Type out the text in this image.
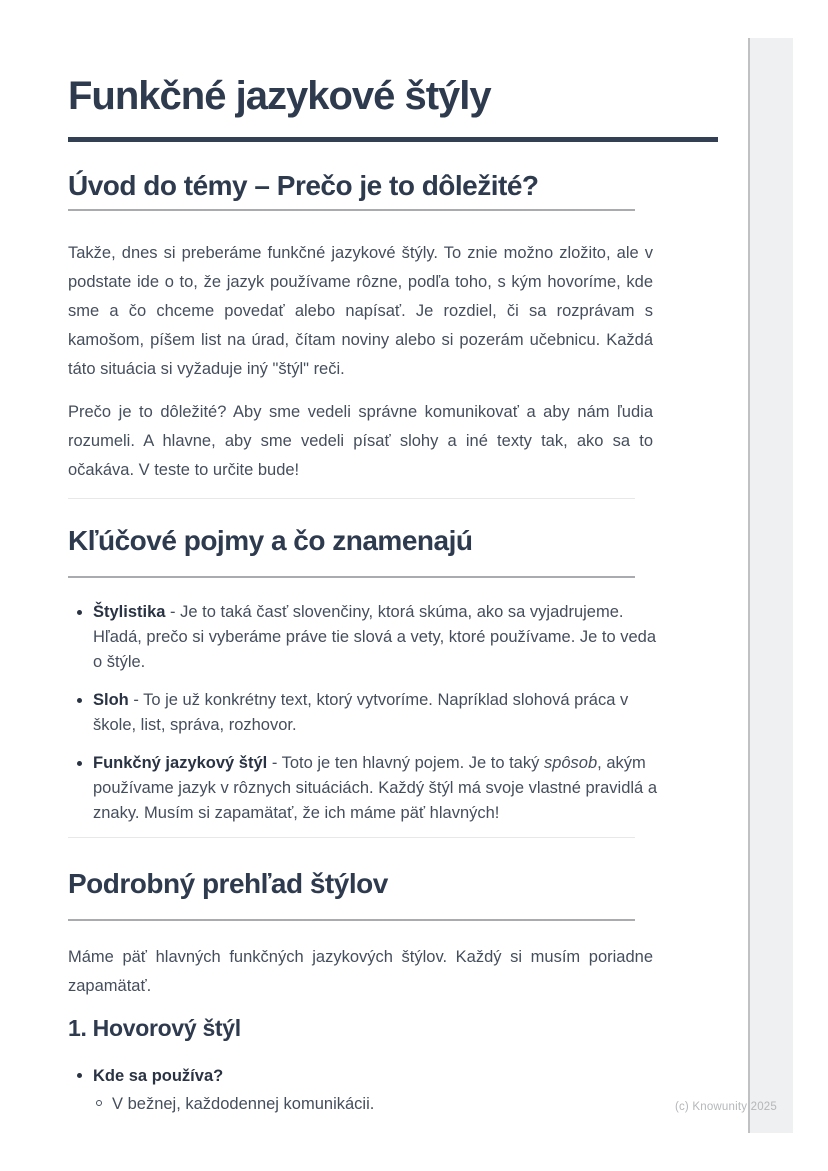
Funkčné jazykové štýly
Úvod do témy – Prečo je to dôležité?

Takže, dnes si preberáme funkčné jazykové štýly. To znie možno zložito, ale v podstate ide o to, že jazyk používame rôzne, podľa toho, s kým hovoríme, kde sme a čo chceme povedať alebo napísať. Je rozdiel, či sa rozprávam s kamošom, píšem list na úrad, čítam noviny alebo si pozerám učebnicu. Každá táto situácia si vyžaduje iný "štýl" reči.

Prečo je to dôležité? Aby sme vedeli správne komunikovať a aby nám ľudia rozumeli. A hlavne, aby sme vedeli písať slohy a iné texty tak, ako sa to očakáva. V teste to určite bude!

Kľúčové pojmy a čo znamenajú
Štylistika - Je to taká časť slovenčiny, ktorá skúma, ako sa vyjadrujeme. Hľadá, prečo si vyberáme práve tie slová a vety, ktoré používame. Je to veda o štýle.
Sloh - To je už konkrétny text, ktorý vytvoríme. Napríklad slohová práca v škole, list, správa, rozhovor.
Funkčný jazykový štýl - Toto je ten hlavný pojem. Je to taký spôsob, akým používame jazyk v rôznych situáciách. Každý štýl má svoje vlastné pravidlá a znaky. Musím si zapamätať, že ich máme päť hlavných!
Podrobný prehľad štýlov

Máme päť hlavných funkčných jazykových štýlov. Každý si musím poriadne zapamätať.

1. Hovorový štýl
Kde sa používa?
V bežnej, každodennej komunikácii.	(c) Knowunity 2025
